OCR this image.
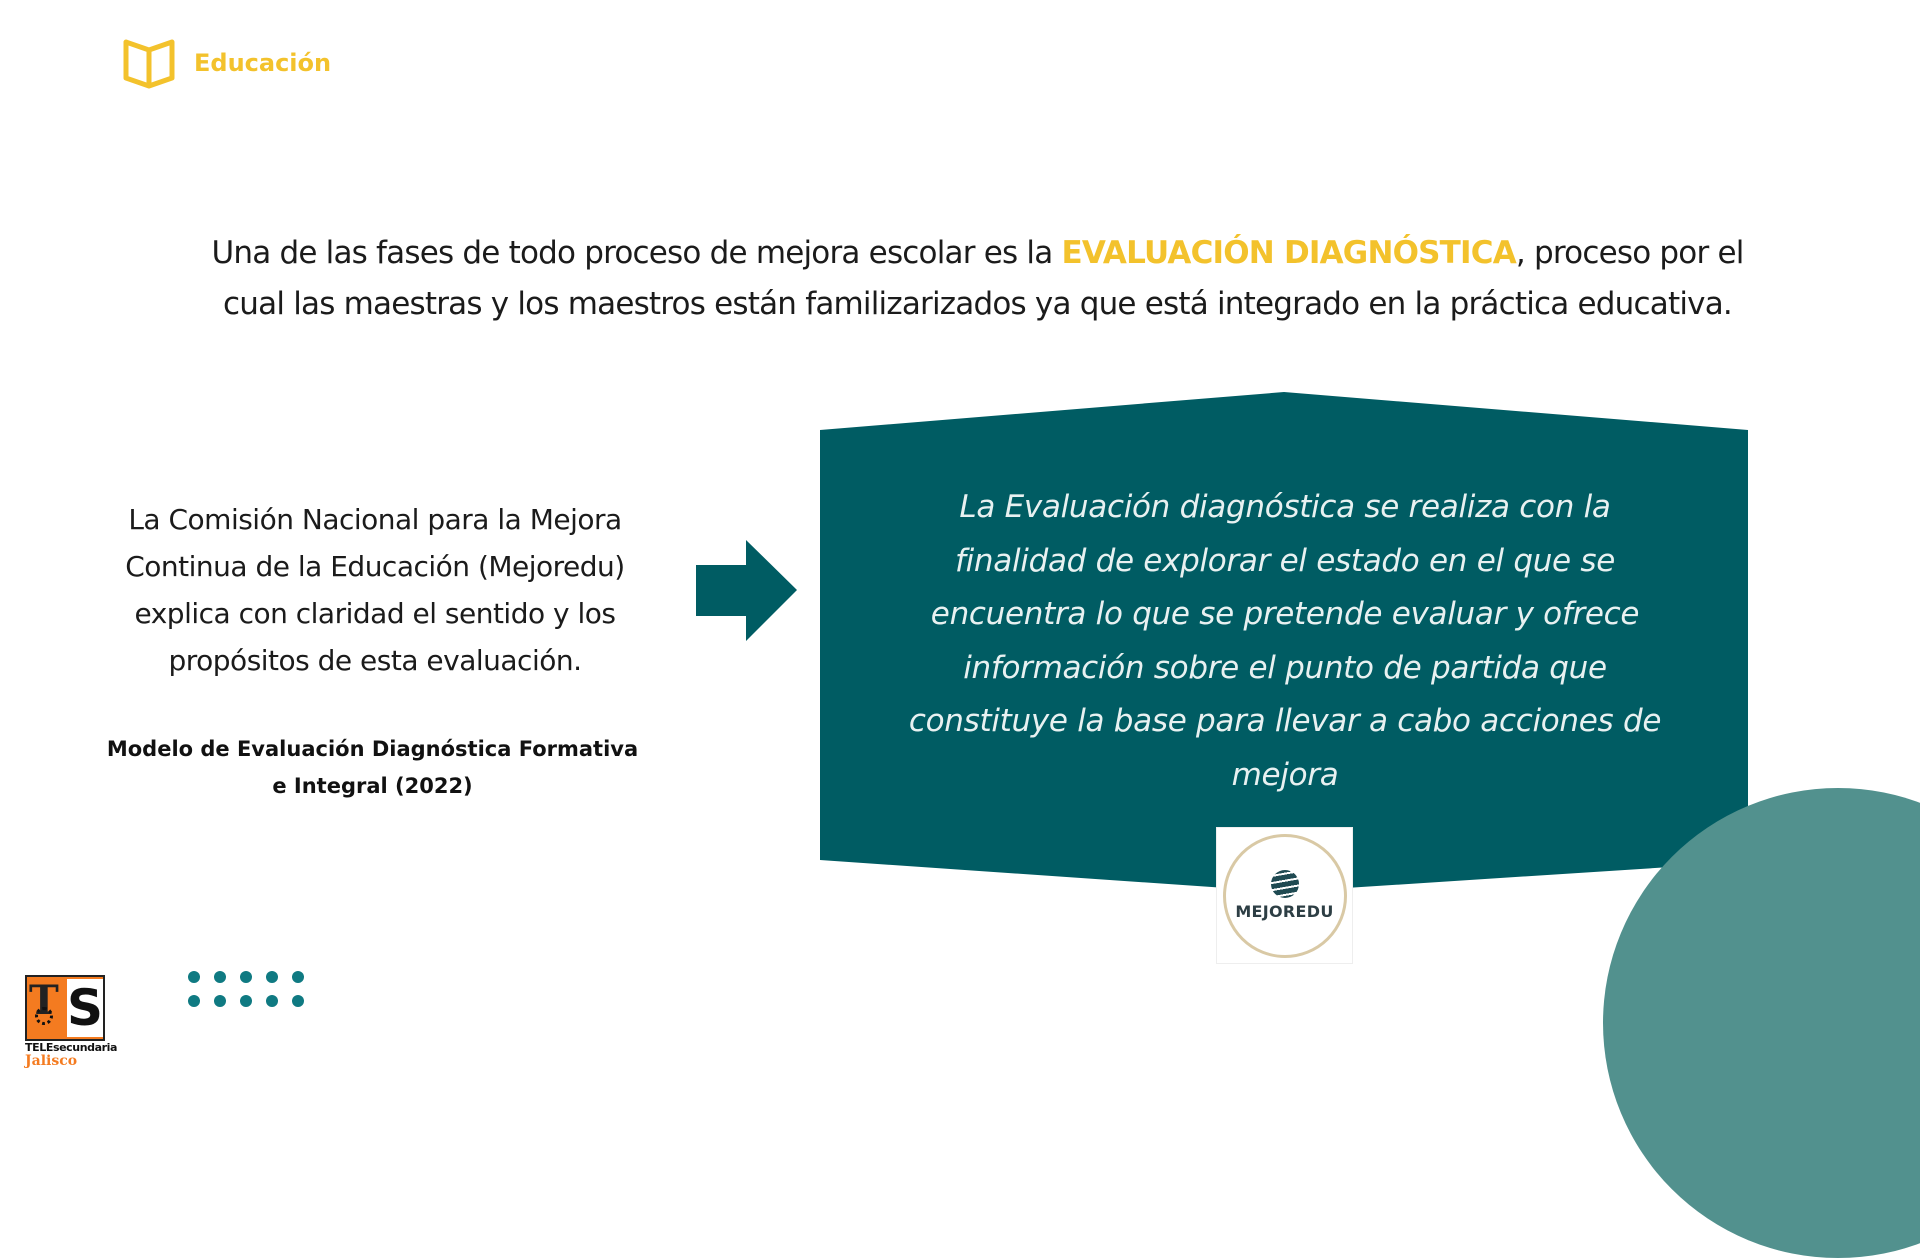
Educación
Una de las fases de todo proceso de mejora escolar es la EVALUACIÓN DIAGNÓSTICA, proceso por el cual las maestras y los maestros están familizarizados ya que está integrado en la práctica educativa.
La Comisión Nacional para la Mejora Continua de la Educación (Mejoredu) explica con claridad el sentido y los propósitos de esta evaluación.
Modelo de Evaluación Diagnóstica Formativa e Integral (2022)
La Evaluación diagnóstica se realiza con la finalidad de explorar el estado en el que se encuentra lo que se pretende evaluar y ofrece información sobre el punto de partida que constituye la base para llevar a cabo acciones de mejora
MEJOREDU
T S
TELEsecundaria
Jalisco
